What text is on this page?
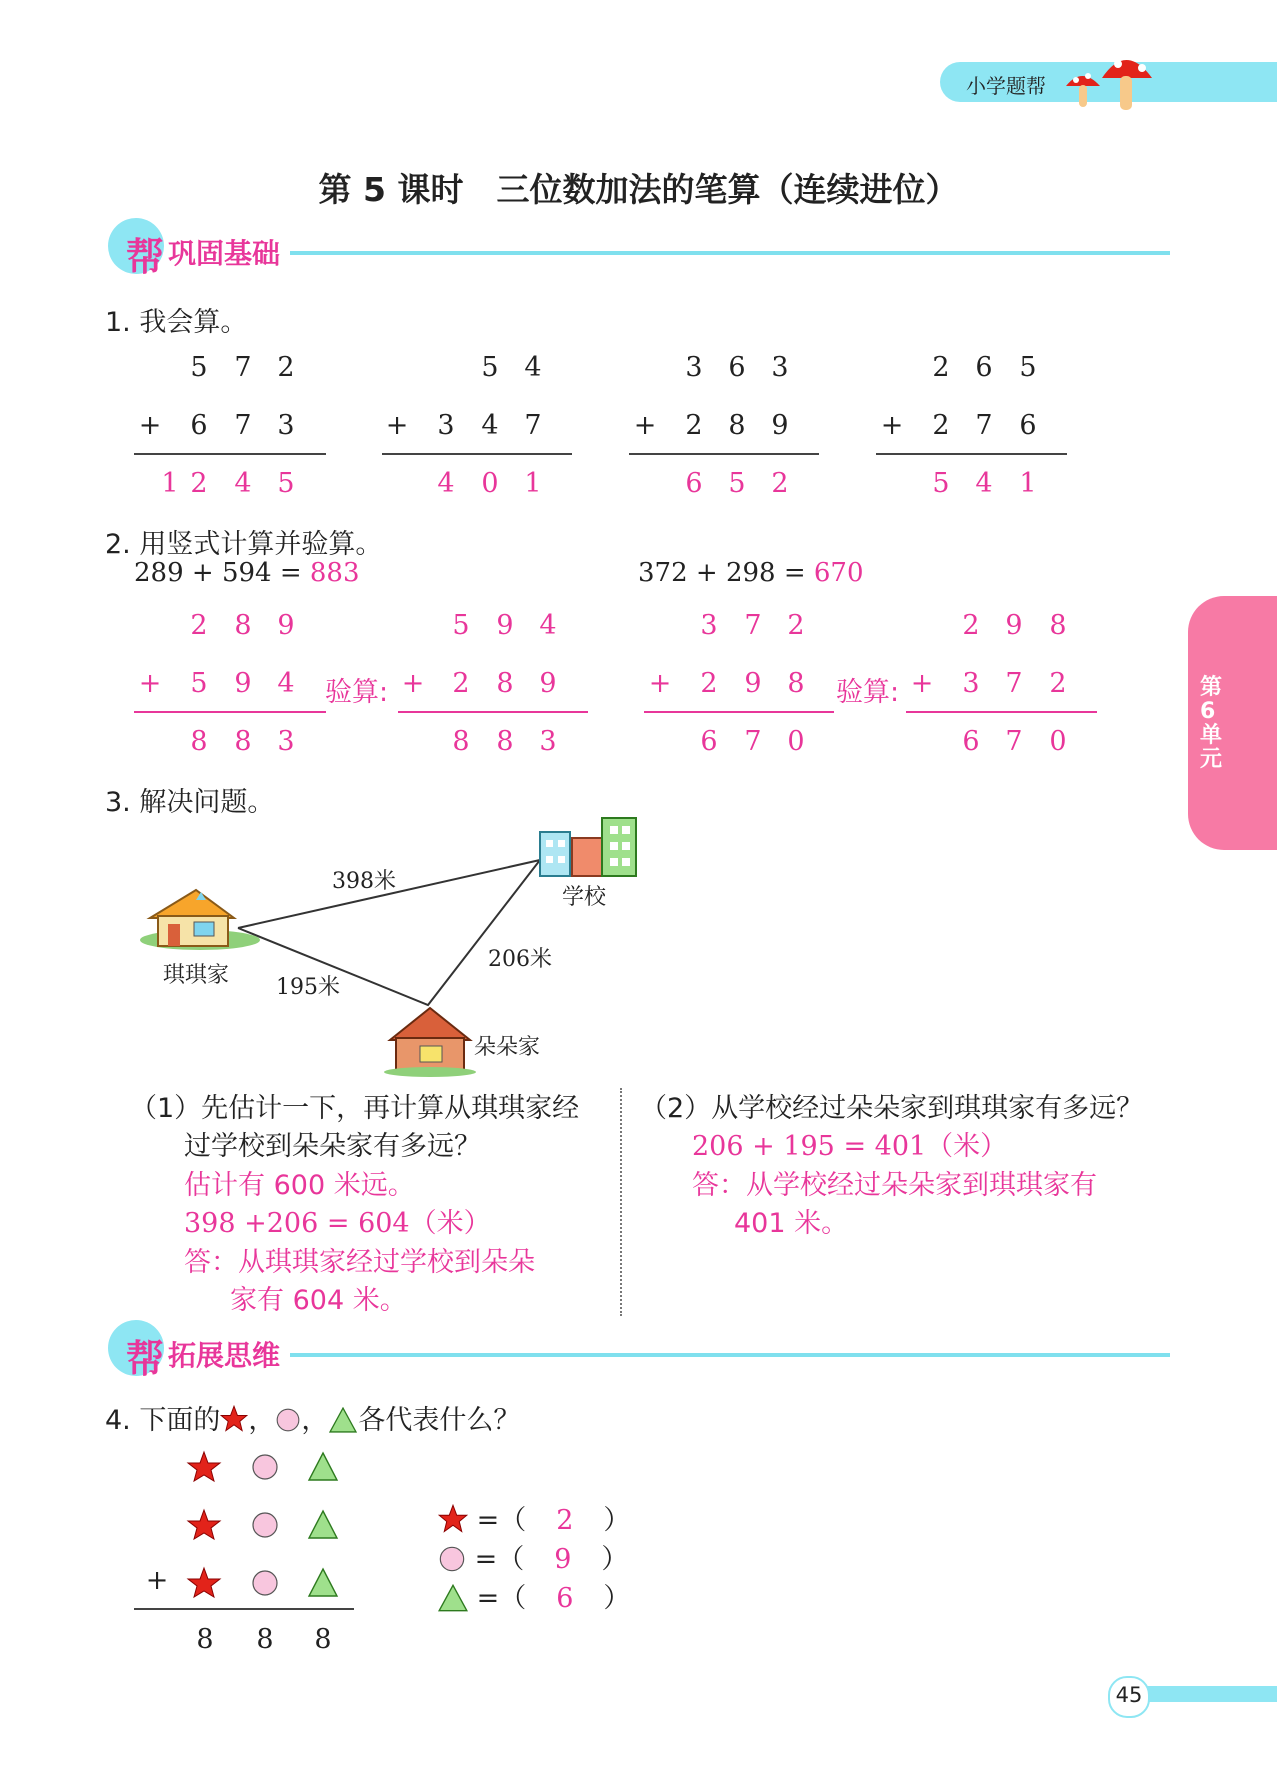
小学题帮
第 5 课时　三位数加法的笔算（连续进位）
帮 巩固基础
第6单元
1. 我会算。
5 7 2
+ 6 7 3
1 2 4 5
5 4
+ 3 4 7
4 0 1
3 6 3
+ 2 8 9
6 5 2
2 6 5
+ 2 7 6
5 4 1
2. 用竖式计算并验算。
289 + 594 = 883	372 + 298 = 670
2 8 9
+ 5 9 4
8 8 3
验算:
5 9 4
+ 2 8 9
8 8 3
3 7 2
+ 2 9 8
6 7 0
验算:
2 9 8
+ 3 7 2
6 7 0
3. 解决问题。
398米
206米
195米
琪琪家
学校
朵朵家
（1）先估计一下，再计算从琪琪家经
过学校到朵朵家有多远？
估计有 600 米远。
398 +206 = 604（米）
答：从琪琪家经过学校到朵朵
家有 604 米。
（2）从学校经过朵朵家到琪琪家有多远？
206 + 195 = 401（米）
答：从学校经过朵朵家到琪琪家有
401 米。
帮 拓展思维
4. 下面的 ， ， 各代表什么？
+
8 8 8
=（ 2 ）
=（ 9 ）
=（ 6 ）
45
